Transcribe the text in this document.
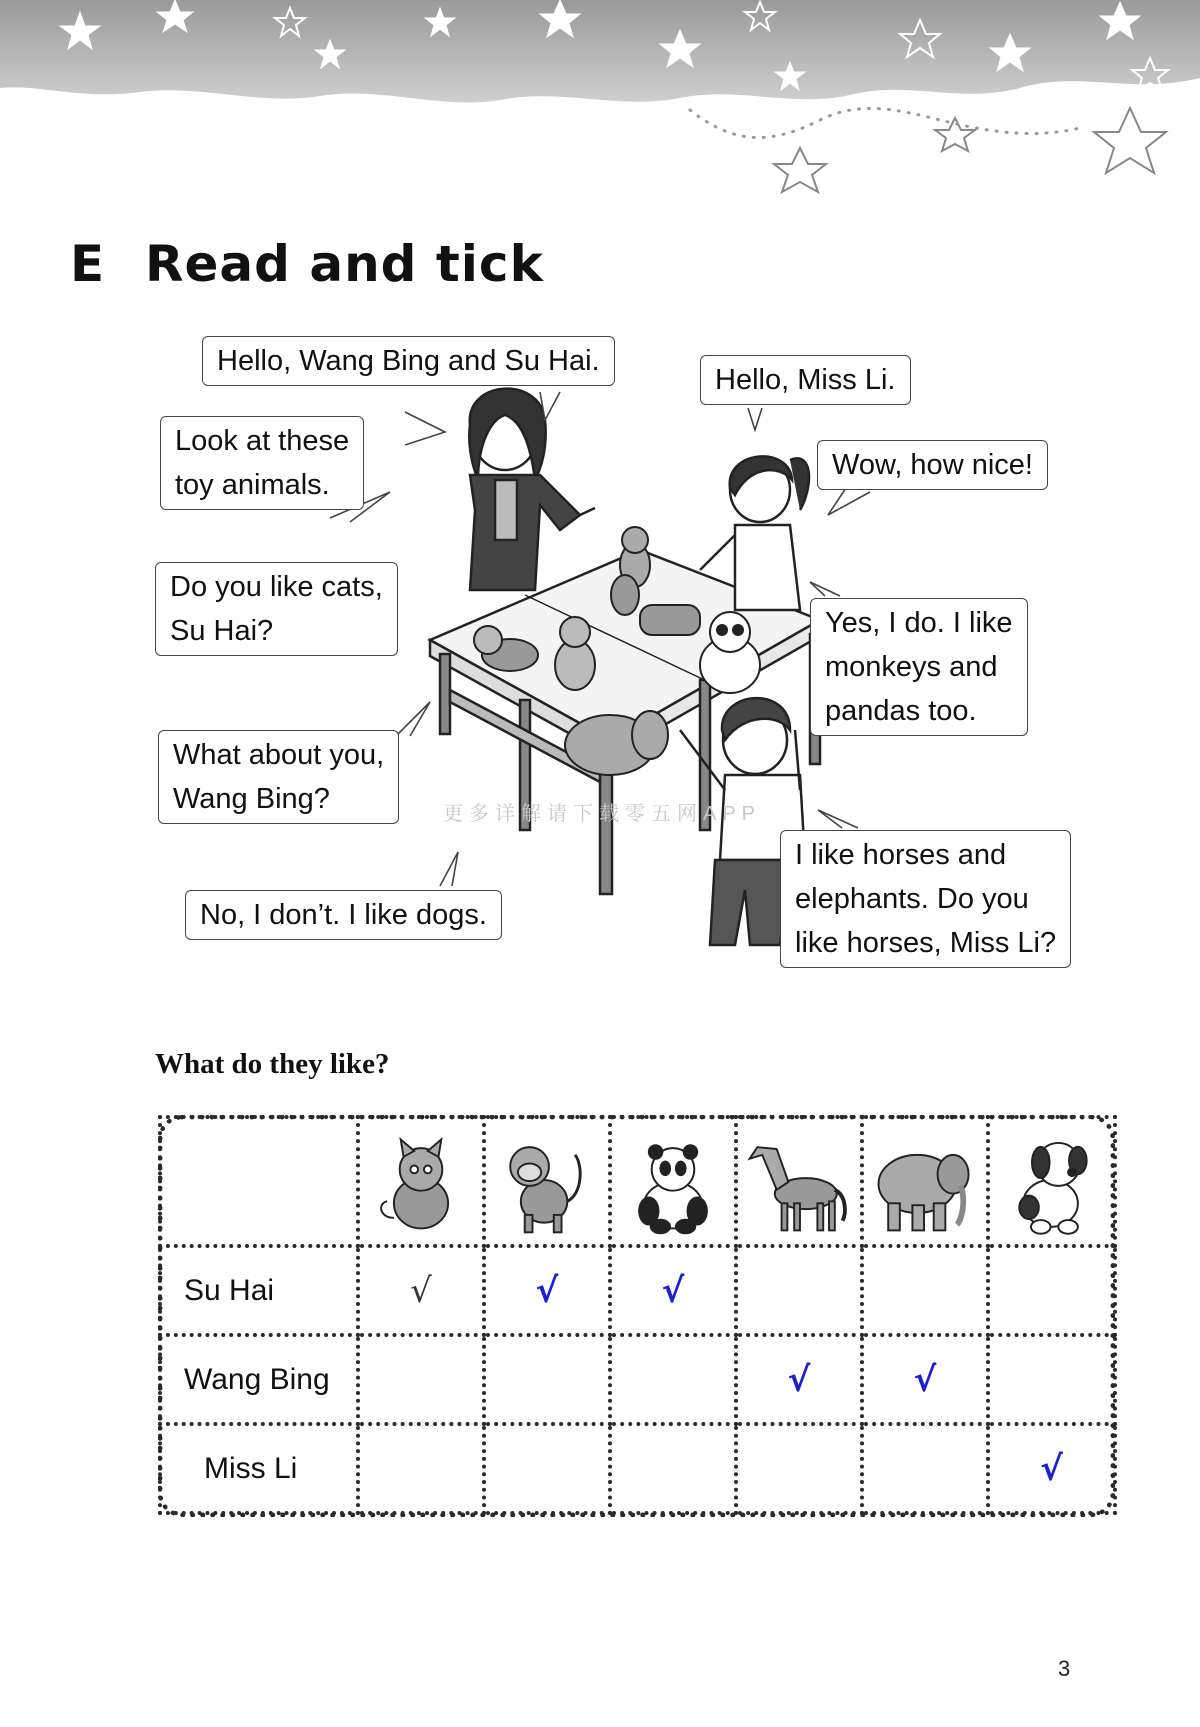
E Read and tick
Hello, Wang Bing and Su Hai.
Hello, Miss Li.
Look at these
toy animals.
Wow, how nice!
Do you like cats,
Su Hai?	Yes, I do. I like
monkeys and
pandas too.
What about you,
Wang Bing?
No, I don’t. I like dogs.
I like horses and
elephants. Do you
like horses, Miss Li?
更多详解请下载零五网APP
What do they like?

Su Hai	√	√	√			
Wang Bing				√	√	
Miss Li						√
3
